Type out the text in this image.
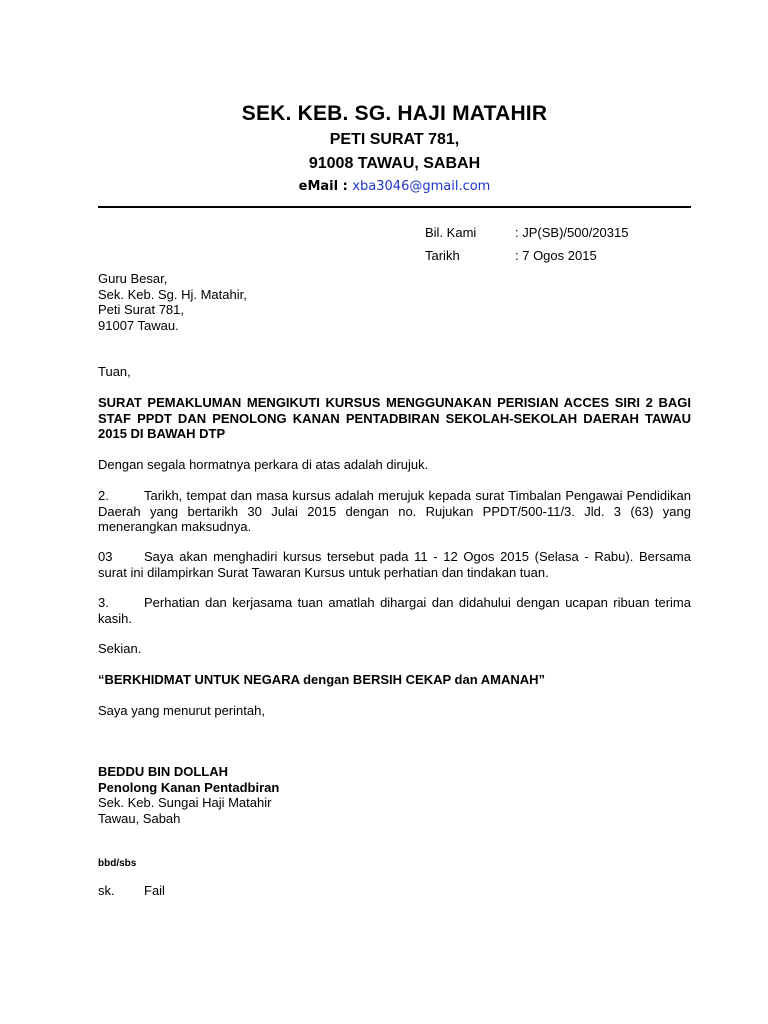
SEK. KEB. SG. HAJI MATAHIR
PETI SURAT 781,
91008 TAWAU, SABAH
eMail : xba3046@gmail.com
Bil. Kami	: JP(SB)/500/20315
Tarikh	: 7 Ogos 2015
Guru Besar,
Sek. Keb. Sg. Hj. Matahir,
Peti Surat 781,
91007 Tawau.
Tuan,
SURAT PEMAKLUMAN MENGIKUTI KURSUS MENGGUNAKAN PERISIAN ACCES SIRI 2 BAGI STAF PPDT DAN PENOLONG KANAN PENTADBIRAN SEKOLAH-SEKOLAH DAERAH TAWAU 2015 DI BAWAH DTP
Dengan segala hormatnya perkara di atas adalah dirujuk.
2.	Tarikh, tempat dan masa kursus adalah merujuk kepada surat Timbalan Pengawai Pendidikan Daerah yang bertarikh 30 Julai 2015 dengan no. Rujukan PPDT/500-11/3. Jld. 3 (63) yang menerangkan maksudnya.
03 Saya akan menghadiri kursus tersebut pada 11 - 12 Ogos 2015 (Selasa - Rabu). Bersama surat ini dilampirkan Surat Tawaran Kursus untuk perhatian dan tindakan tuan.
3.	Perhatian dan kerjasama tuan amatlah dihargai dan didahului dengan ucapan ribuan terima kasih.
Sekian.
“BERKHIDMAT UNTUK NEGARA dengan BERSIH CEKAP dan AMANAH”
Saya yang menurut perintah,
BEDDU BIN DOLLAH
Penolong Kanan Pentadbiran
Sek. Keb. Sungai Haji Matahir
Tawau, Sabah
bbd/sbs
sk. Fail
